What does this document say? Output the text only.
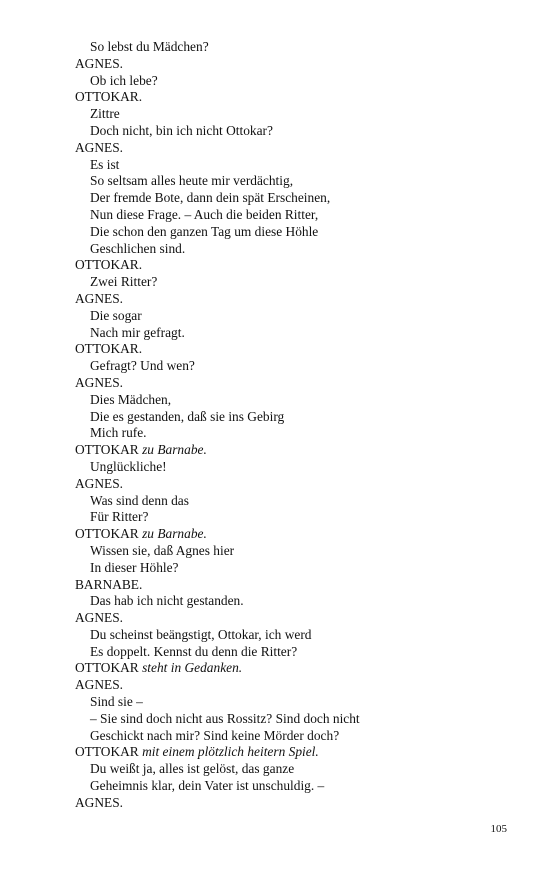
So lebst du Mädchen?
AGNES.
Ob ich lebe?
OTTOKAR.
Zittre
Doch nicht, bin ich nicht Ottokar?
AGNES.
Es ist
So seltsam alles heute mir verdächtig,
Der fremde Bote, dann dein spät Erscheinen,
Nun diese Frage. – Auch die beiden Ritter,
Die schon den ganzen Tag um diese Höhle
Geschlichen sind.
OTTOKAR.
Zwei Ritter?
AGNES.
Die sogar
Nach mir gefragt.
OTTOKAR.
Gefragt? Und wen?
AGNES.
Dies Mädchen,
Die es gestanden, daß sie ins Gebirg
Mich rufe.
OTTOKAR zu Barnabe.
Unglückliche!
AGNES.
Was sind denn das
Für Ritter?
OTTOKAR zu Barnabe.
Wissen sie, daß Agnes hier
In dieser Höhle?
BARNABE.
Das hab ich nicht gestanden.
AGNES.
Du scheinst beängstigt, Ottokar, ich werd
Es doppelt. Kennst du denn die Ritter?
OTTOKAR steht in Gedanken.
AGNES.
Sind sie –
– Sie sind doch nicht aus Rossitz? Sind doch nicht
Geschickt nach mir? Sind keine Mörder doch?
OTTOKAR mit einem plötzlich heitern Spiel.
Du weißt ja, alles ist gelöst, das ganze
Geheimnis klar, dein Vater ist unschuldig. –
AGNES.
105
